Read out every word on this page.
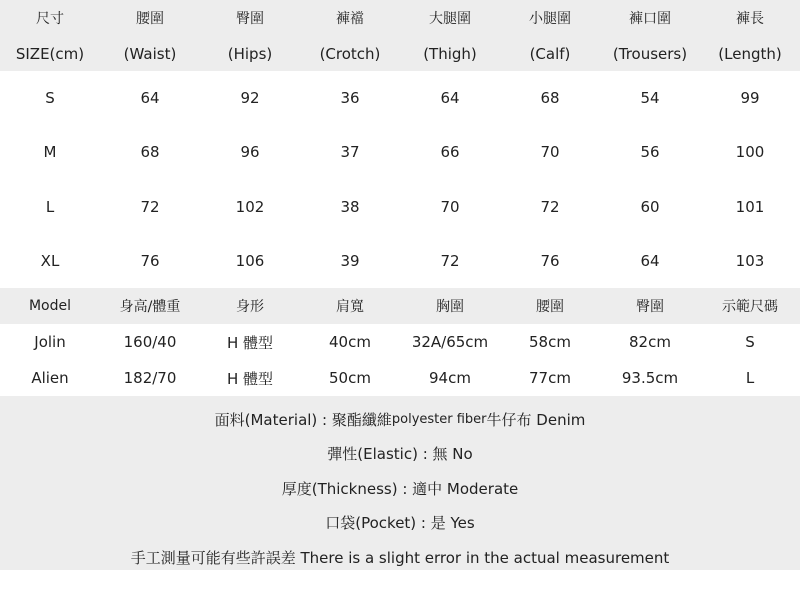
尺寸	腰圍	臀圍	褲襠	大腿圍	小腿圍	褲口圍	褲長
SIZE(cm)	(Waist)	(Hips)	(Crotch)	(Thigh)	(Calf)	(Trousers)	(Length)
S	64	92	36	64	68	54	99
M	68	96	37	66	70	56	100
L	72	102	38	70	72	60	101
XL	76	106	39	72	76	64	103
Model	身高/體重	身形	肩寬	胸圍	腰圍	臀圍	示範尺碼
Jolin	160/40	H 體型	40cm	32A/65cm	58cm	82cm	S
Alien	182/70	H 體型	50cm	94cm	77cm	93.5cm	L
面料(Material) : 聚酯纖維 polyester fiber 牛仔布 Denim
彈性(Elastic) : 無 No
厚度(Thickness) : 適中 Moderate
口袋(Pocket) : 是 Yes
手工測量可能有些許誤差 There is a slight error in the actual measurement
